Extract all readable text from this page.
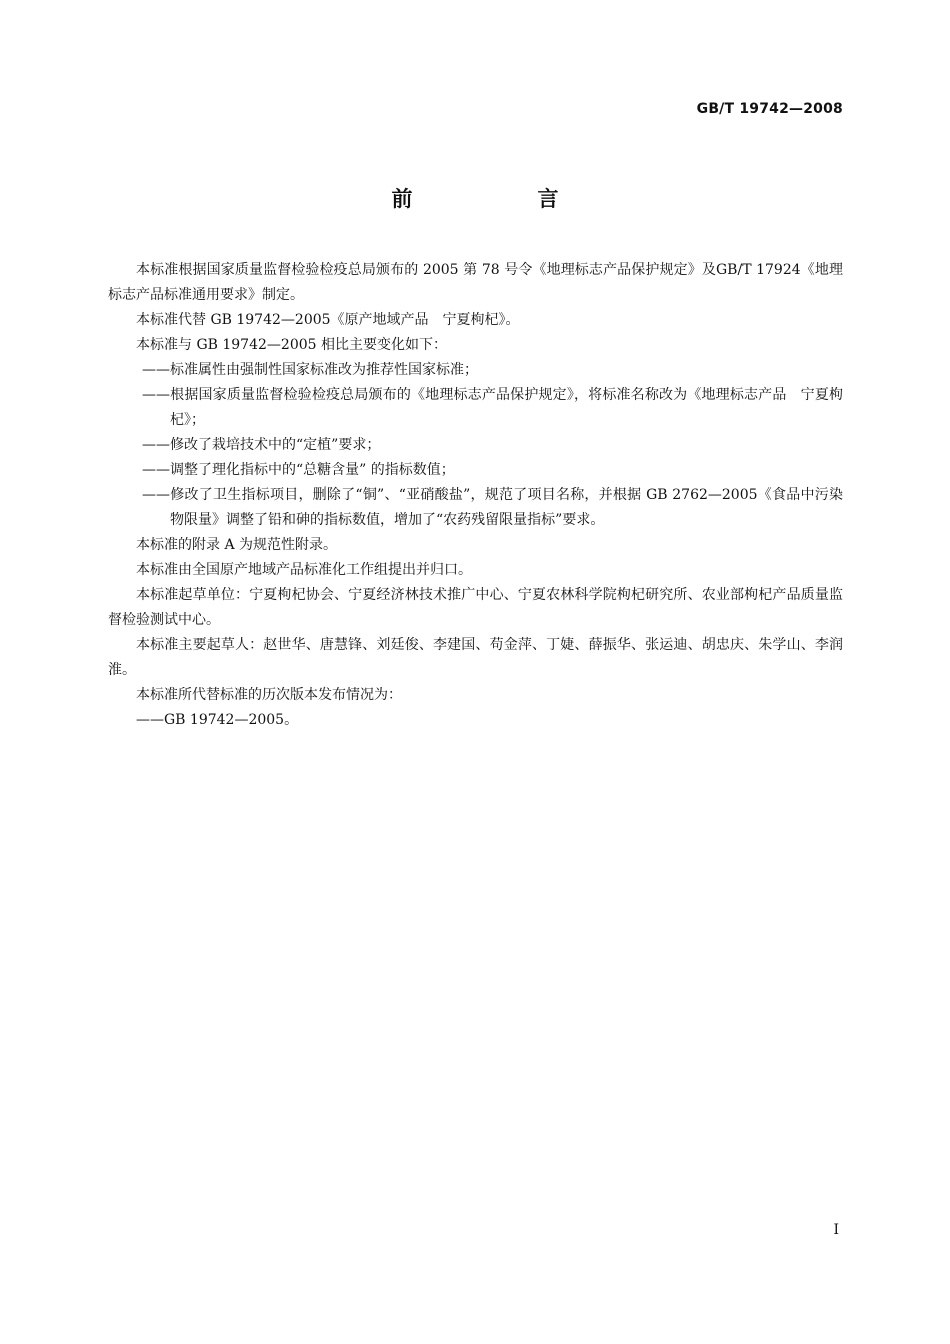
GB/T 19742—2008
前　言

本标准根据国家质量监督检验检疫总局颁布的 2005 第 78 号令《地理标志产品保护规定》及GB/T 17924《地理标志产品标准通用要求》制定。

本标准代替 GB 19742—2005《原产地域产品　宁夏枸杞》。

本标准与 GB 19742—2005 相比主要变化如下：

——标准属性由强制性国家标准改为推荐性国家标准；

——根据国家质量监督检验检疫总局颁布的《地理标志产品保护规定》，将标准名称改为《地理标志产品　宁夏枸杞》；

——修改了栽培技术中的“定植”要求；

——调整了理化指标中的“总糖含量” 的指标数值；

——修改了卫生指标项目，删除了“铜”、“亚硝酸盐”，规范了项目名称，并根据 GB 2762—2005《食品中污染物限量》调整了铅和砷的指标数值，增加了“农药残留限量指标”要求。

本标准的附录 A 为规范性附录。

本标准由全国原产地域产品标准化工作组提出并归口。

本标准起草单位：宁夏枸杞协会、宁夏经济林技术推广中心、宁夏农林科学院枸杞研究所、农业部枸杞产品质量监督检验测试中心。

本标准主要起草人：赵世华、唐慧锋、刘廷俊、李建国、苟金萍、丁婕、薛振华、张运迪、胡忠庆、朱学山、李润淮。

本标准所代替标准的历次版本发布情况为：

——GB 19742—2005。

I
